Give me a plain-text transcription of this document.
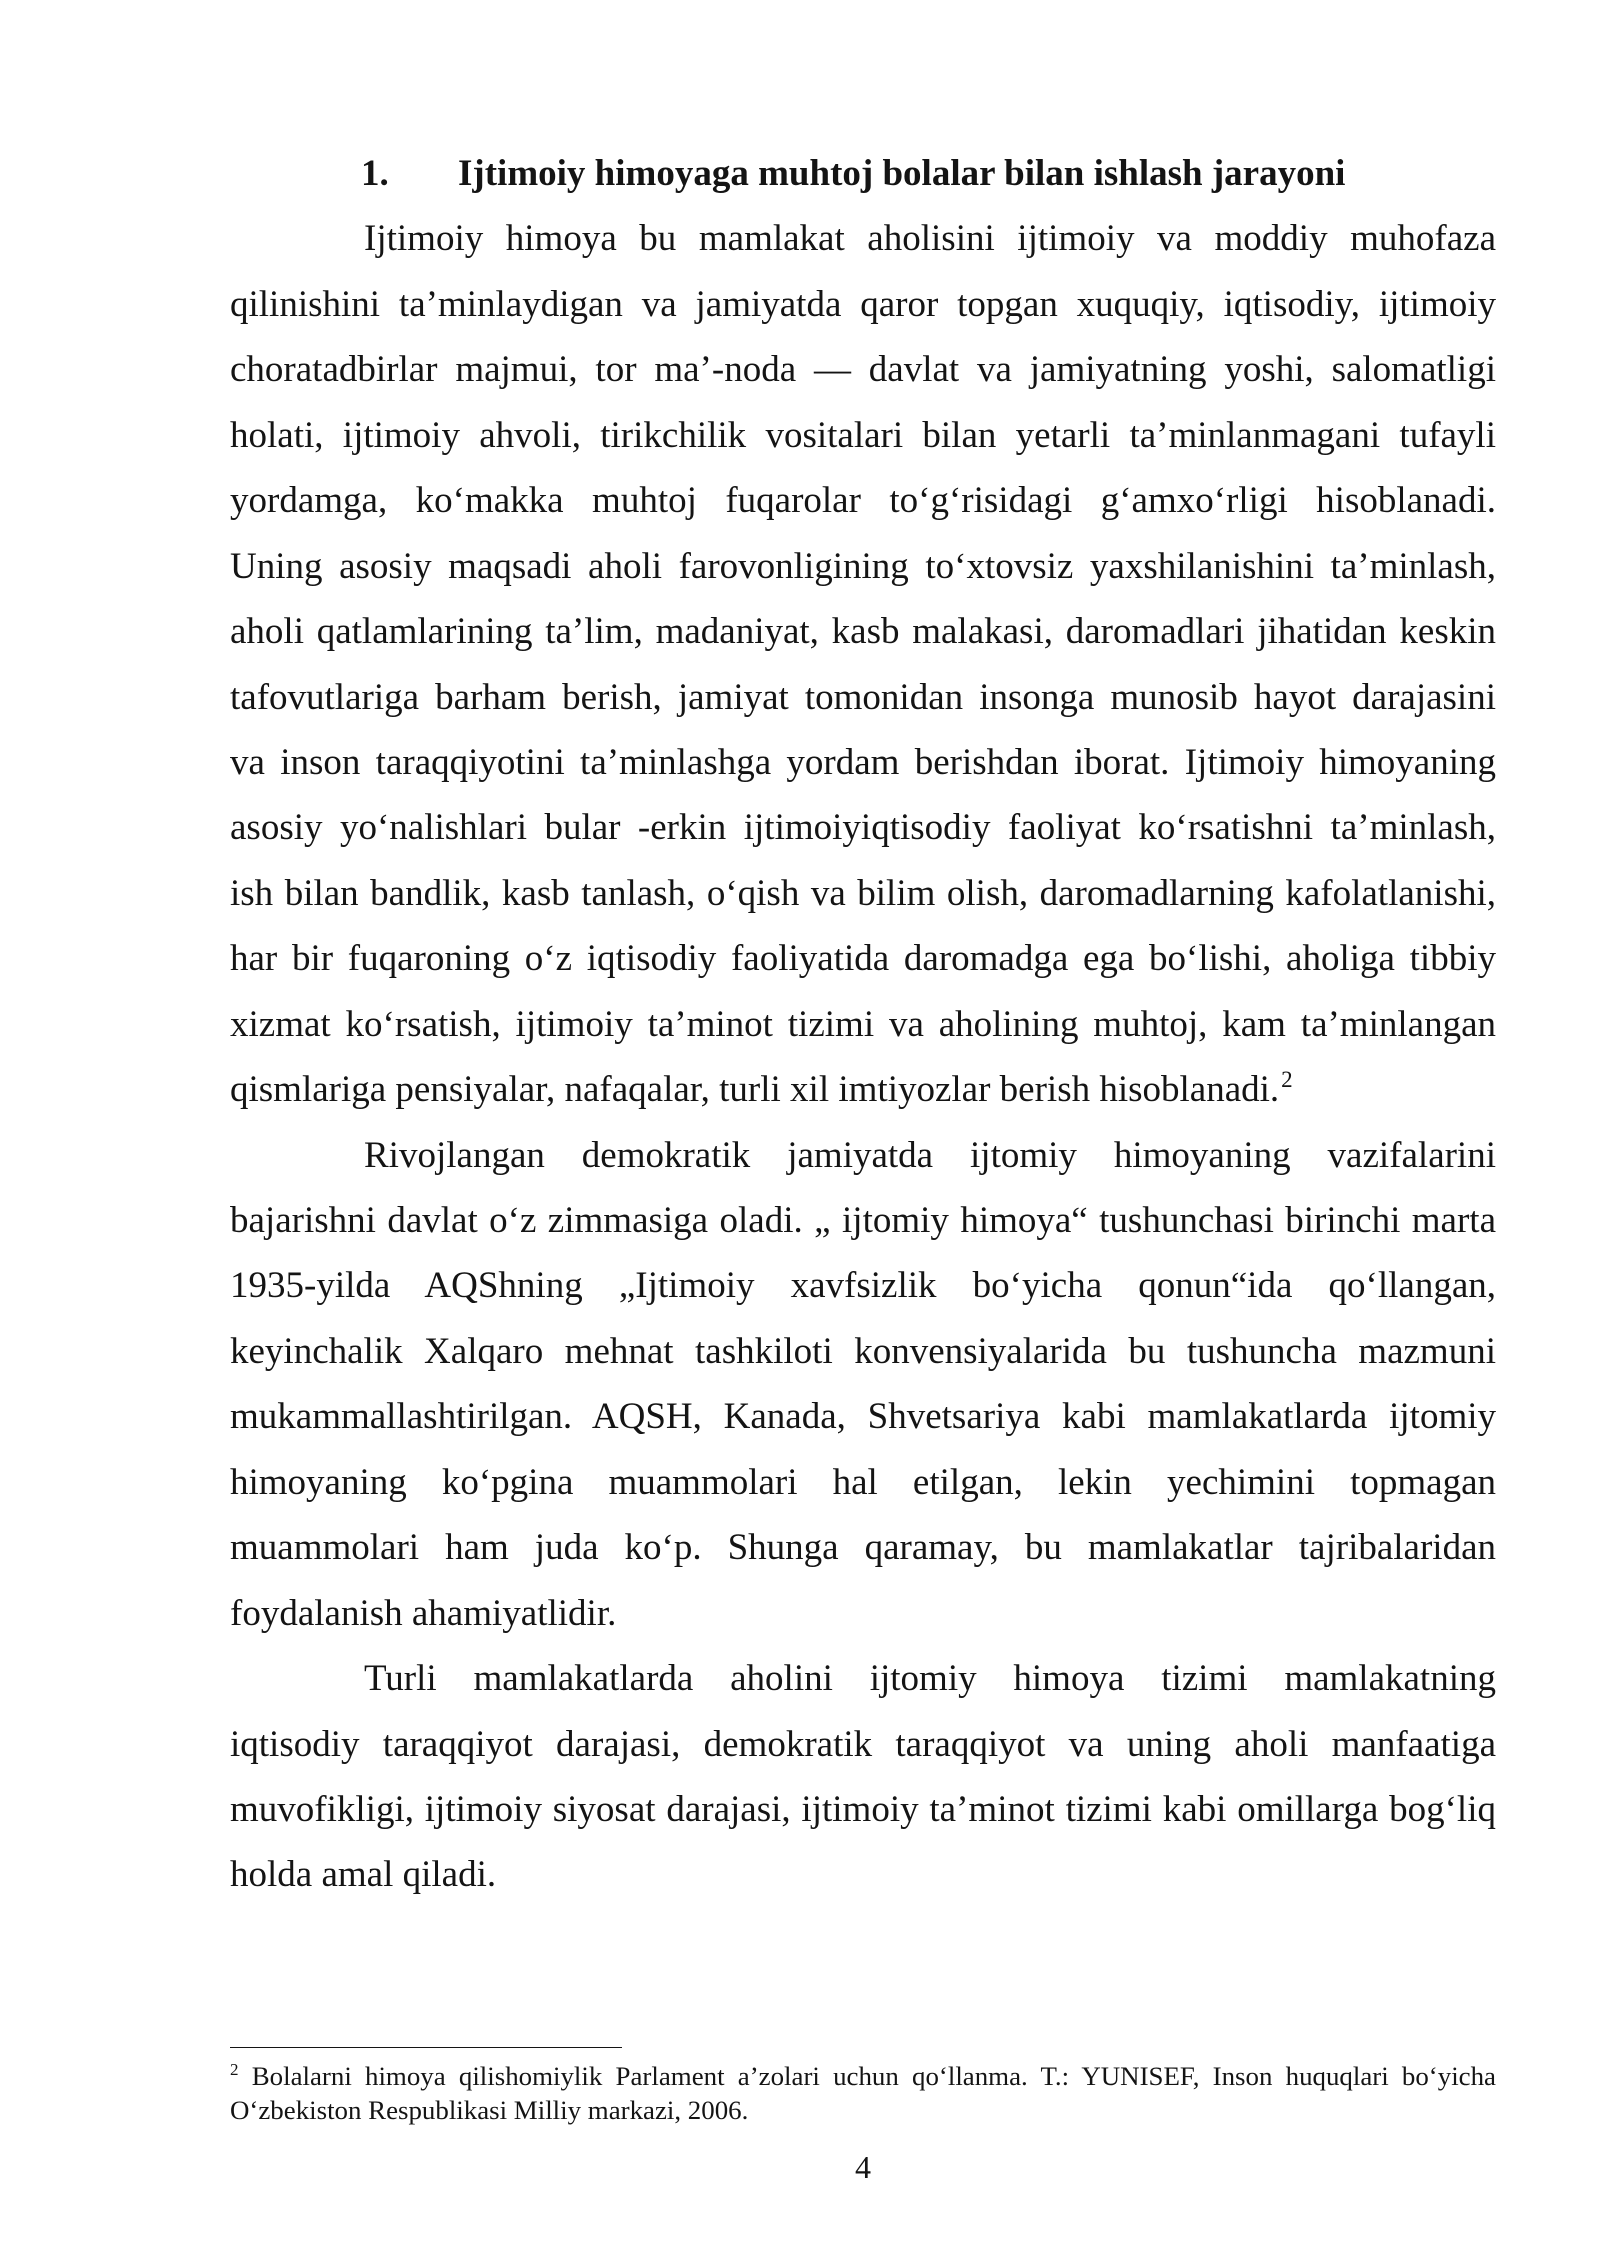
1. Ijtimoiy himoyaga muhtoj bolalar bilan ishlash jarayoni
Ijtimoiy himoya bu mamlakat aholisini ijtimoiy va moddiy muhofaza
qilinishini ta’minlaydigan va jamiyatda qaror topgan xuquqiy, iqtisodiy, ijtimoiy
choratadbirlar majmui, tor ma’-noda — davlat va jamiyatning yoshi, salomatligi
holati, ijtimoiy ahvoli, tirikchilik vositalari bilan yetarli ta’minlanmagani tufayli
yordamga, ko‘makka muhtoj fuqarolar to‘g‘risidagi g‘amxo‘rligi hisoblanadi.
Uning asosiy maqsadi aholi farovonligining to‘xtovsiz yaxshilanishini ta’minlash,
aholi qatlamlarining ta’lim, madaniyat, kasb malakasi, daromadlari jihatidan keskin
tafovutlariga barham berish, jamiyat tomonidan insonga munosib hayot darajasini
va inson taraqqiyotini ta’minlashga yordam berishdan iborat. Ijtimoiy himoyaning
asosiy yo‘nalishlari bular -erkin ijtimoiyiqtisodiy faoliyat ko‘rsatishni ta’minlash,
ish bilan bandlik, kasb tanlash, o‘qish va bilim olish, daromadlarning kafolatlanishi,
har bir fuqaroning o‘z iqtisodiy faoliyatida daromadga ega bo‘lishi, aholiga tibbiy
xizmat ko‘rsatish, ijtimoiy ta’minot tizimi va aholining muhtoj, kam ta’minlangan
qismlariga pensiyalar, nafaqalar, turli xil imtiyozlar berish hisoblanadi.$^2$
Rivojlangan demokratik jamiyatda ijtomiy himoyaning vazifalarini
bajarishni davlat o‘z zimmasiga oladi. „ ijtomiy himoya“ tushunchasi birinchi marta
1935-yilda AQShning „Ijtimoiy xavfsizlik bo‘yicha qonun“ida qo‘llangan,
keyinchalik Xalqaro mehnat tashkiloti konvensiyalarida bu tushuncha mazmuni
mukammallashtirilgan. AQSH, Kanada, Shvetsariya kabi mamlakatlarda ijtomiy
himoyaning ko‘pgina muammolari hal etilgan, lekin yechimini topmagan
muammolari ham juda ko‘p. Shunga qaramay, bu mamlakatlar tajribalaridan
foydalanish ahamiyatlidir.
Turli mamlakatlarda aholini ijtomiy himoya tizimi mamlakatning
iqtisodiy taraqqiyot darajasi, demokratik taraqqiyot va uning aholi manfaatiga
muvofikligi, ijtimoiy siyosat darajasi, ijtimoiy ta’minot tizimi kabi omillarga bog‘liq
holda amal qiladi.
$^2$ Bolalarni himoya qilishomiylik Parlament a’zolari uchun qo‘llanma. T.: YUNISEF, Inson huquqlari bo‘yicha
O‘zbekiston Respublikasi Milliy markazi, 2006.
4
